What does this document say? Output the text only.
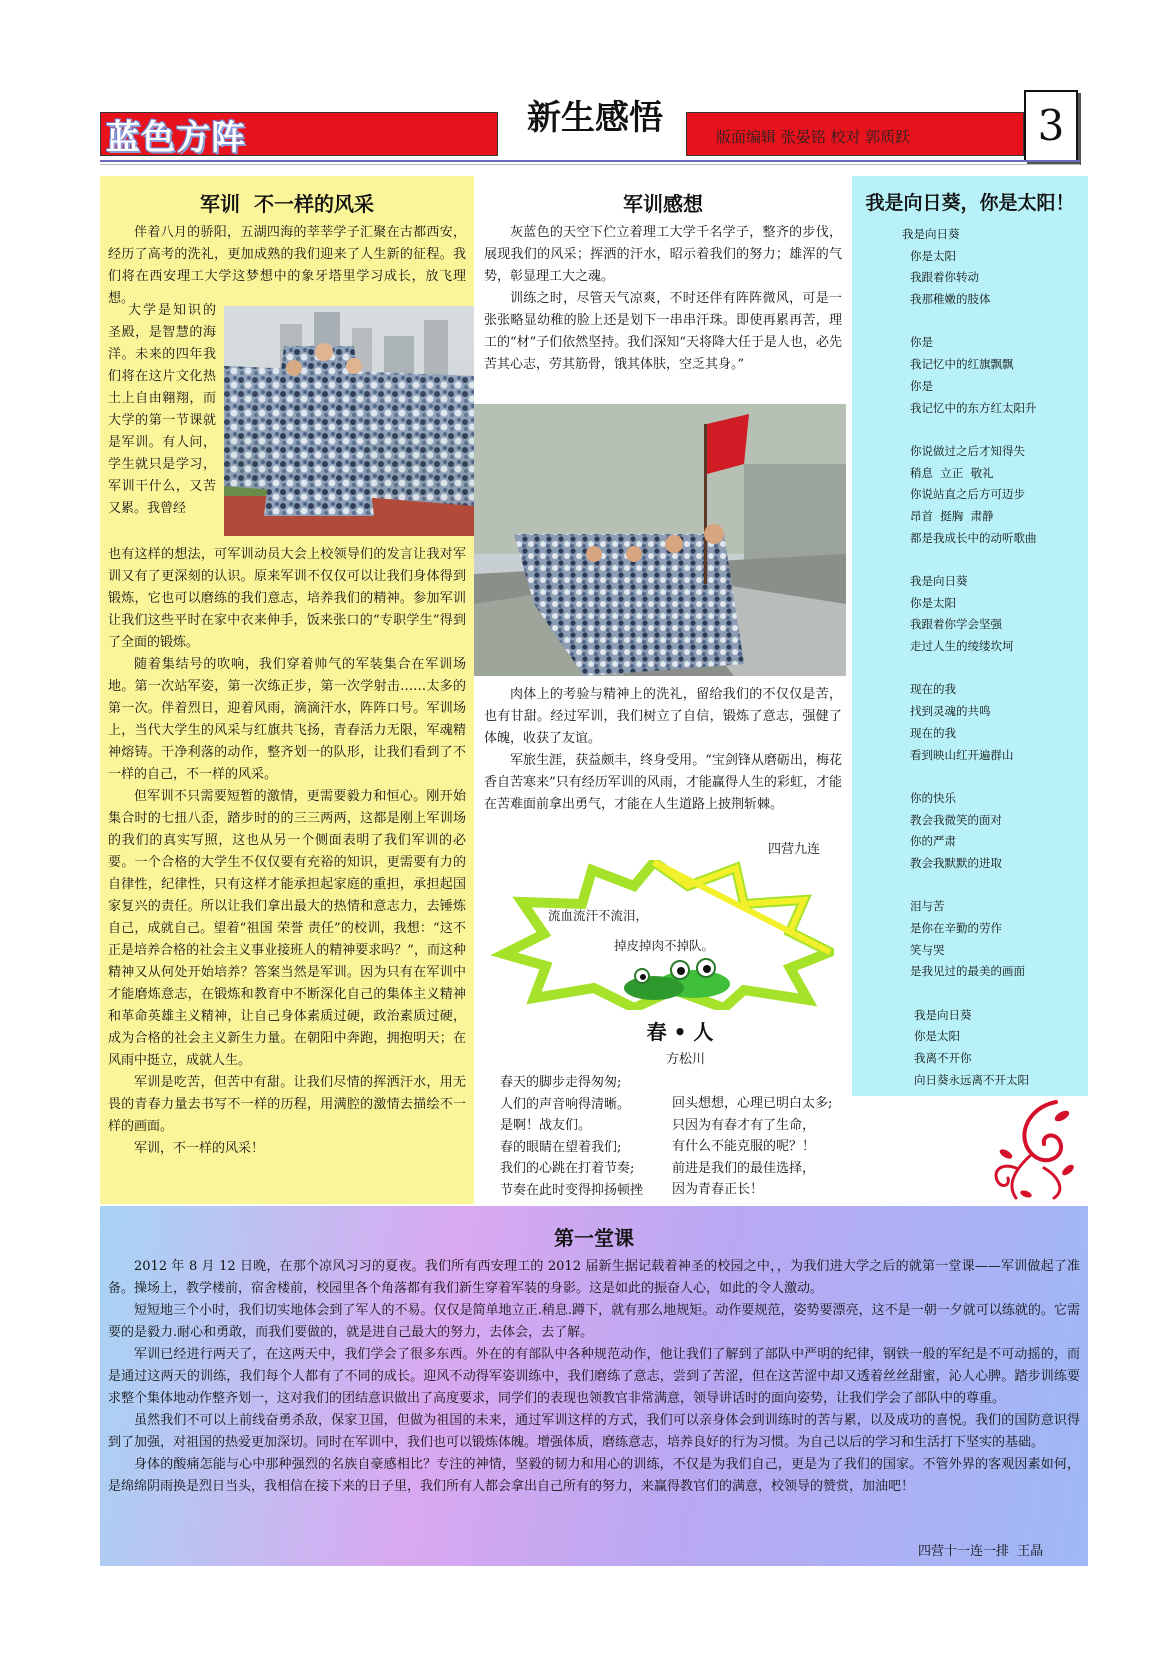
蓝色方阵	新生感悟	版面编辑 张晏铭 校对 郭质跃	3
军训  不一样的风采

伴着八月的骄阳，五湖四海的莘莘学子汇聚在古都西安，经历了高考的洗礼，更加成熟的我们迎来了人生新的征程。我们将在西安理工大学这梦想中的象牙塔里学习成长，放飞理想。

大学是知识的圣殿，是智慧的海洋。未来的四年我们将在这片文化热土上自由翱翔，而大学的第一节课就是军训。有人问，学生就只是学习，军训干什么，又苦又累。我曾经

也有这样的想法，可军训动员大会上校领导们的发言让我对军训又有了更深刻的认识。原来军训不仅仅可以让我们身体得到锻炼，它也可以磨练的我们意志，培养我们的精神。参加军训让我们这些平时在家中衣来伸手，饭来张口的“专职学生”得到了全面的锻炼。

随着集结号的吹响，我们穿着帅气的军装集合在军训场地。第一次站军姿，第一次练正步，第一次学射击……太多的第一次。伴着烈日，迎着风雨，滴滴汗水，阵阵口号。军训场上，当代大学生的风采与红旗共飞扬，青春活力无限，军魂精神熔铸。干净利落的动作，整齐划一的队形，让我们看到了不一样的自己，不一样的风采。

但军训不只需要短暂的激情，更需要毅力和恒心。刚开始集合时的七扭八歪，踏步时的的三三两两，这都是刚上军训场的我们的真实写照，这也从另一个侧面表明了我们军训的必要。一个合格的大学生不仅仅要有充裕的知识，更需要有力的自律性，纪律性，只有这样才能承担起家庭的重担，承担起国家复兴的责任。所以让我们拿出最大的热情和意志力，去锤炼自己，成就自己。望着“祖国 荣誉 责任”的校训，我想：“这不正是培养合格的社会主义事业接班人的精神要求吗？”，而这种精神又从何处开始培养？答案当然是军训。因为只有在军训中才能磨炼意志，在锻炼和教育中不断深化自己的集体主义精神和革命英雄主义精神，让自己身体素质过硬，政治素质过硬，成为合格的社会主义新生力量。在朝阳中奔跑，拥抱明天；在风雨中挺立，成就人生。

军训是吃苦，但苦中有甜。让我们尽情的挥洒汗水，用无畏的青春力量去书写不一样的历程，用满腔的激情去描绘不一样的画面。

军训，不一样的风采！

军训感想

灰蓝色的天空下伫立着理工大学千名学子，整齐的步伐，展现我们的风采；挥洒的汗水，昭示着我们的努力；雄浑的气势，彰显理工大之魂。

训练之时，尽管天气凉爽，不时还伴有阵阵微风，可是一张张略显幼稚的脸上还是划下一串串汗珠。即使再累再苦，理工的“材”子们依然坚持。我们深知“天将降大任于是人也，必先苦其心志，劳其筋骨，饿其体肤，空乏其身。”

肉体上的考验与精神上的洗礼，留给我们的不仅仅是苦，也有甘甜。经过军训，我们树立了自信，锻炼了意志，强健了体魄，收获了友谊。

军旅生涯，获益颇丰，终身受用。“宝剑锋从磨砺出，梅花香自苦寒来”只有经历军训的风雨，才能赢得人生的彩虹，才能在苦难面前拿出勇气，才能在人生道路上披荆斩棘。

四营九连
流血流汗不流泪，
掉皮掉肉不掉队。
春 • 人
方松川
春天的脚步走得匆匆;
人们的声音响得清晰。
是啊！战友们。
春的眼睛在望着我们;
我们的心跳在打着节奏;
节奏在此时变得抑扬顿挫
回头想想，心理已明白太多;
只因为有春才有了生命，
有什么不能克服的呢？！
前进是我们的最佳选择，
因为青春正长！
我是向日葵，你是太阳！
我是向日葵
你是太阳
我跟着你转动
我那稚嫩的肢体
你是
我记忆中的红旗飘飘
你是
我记忆中的东方红太阳升
你说做过之后才知得失
稍息  立正  敬礼
你说站直之后方可迈步
昂首  挺胸  肃静
都是我成长中的动听歌曲
我是向日葵
你是太阳
我跟着你学会坚强
走过人生的绫缕坎坷
现在的我
找到灵魂的共鸣
现在的我
看到映山红开遍群山
你的快乐
教会我微笑的面对
你的严肃
教会我默默的进取
泪与苦
是你在辛勤的劳作
笑与哭
是我见过的最美的画面
我是向日葵
你是太阳
我离不开你
向日葵永远离不开太阳
第一堂课

2012 年 8 月 12 日晚，在那个凉风习习的夏夜。我们所有西安理工的 2012 届新生据记载着神圣的校园之中，，为我们进大学之后的就第一堂课——军训做起了准备。操场上，教学楼前，宿舍楼前，校园里各个角落都有我们新生穿着军装的身影。这是如此的振奋人心，如此的令人激动。

短短地三个小时，我们切实地体会到了军人的不易。仅仅是简单地立正.稍息.蹲下，就有那么地规矩。动作要规范，姿势要漂亮，这不是一朝一夕就可以练就的。它需要的是毅力.耐心和勇敢，而我们要做的，就是进自己最大的努力，去体会，去了解。

军训已经进行两天了，在这两天中，我们学会了很多东西。外在的有部队中各种规范动作，他让我们了解到了部队中严明的纪律，钢铁一般的军纪是不可动摇的，而是通过这两天的训练，我们每个人都有了不同的成长。迎风不动得军姿训练中，我们磨练了意志，尝到了苦涩，但在这苦涩中却又透着丝丝甜蜜，沁人心脾。踏步训练要求整个集体地动作整齐划一，这对我们的团结意识做出了高度要求，同学们的表现也领教官非常满意，领导讲话时的面向姿势，让我们学会了部队中的尊重。

虽然我们不可以上前线奋勇杀敌，保家卫国，但做为祖国的未来，通过军训这样的方式，我们可以亲身体会到训练时的苦与累，以及成功的喜悦。我们的国防意识得到了加强，对祖国的热爱更加深切。同时在军训中，我们也可以锻炼体魄。增强体质，磨练意志，培养良好的行为习惯。为自己以后的学习和生活打下坚实的基础。

身体的酸痛怎能与心中那种强烈的名族自豪感相比？专注的神情，坚毅的韧力和用心的训练，不仅是为我们自己，更是为了我们的国家。不管外界的客观因素如何，是绵绵阴雨换是烈日当头，我相信在接下来的日子里，我们所有人都会拿出自己所有的努力，来赢得教官们的满意，校领导的赞赏，加油吧！

四营十一连一排  王晶
